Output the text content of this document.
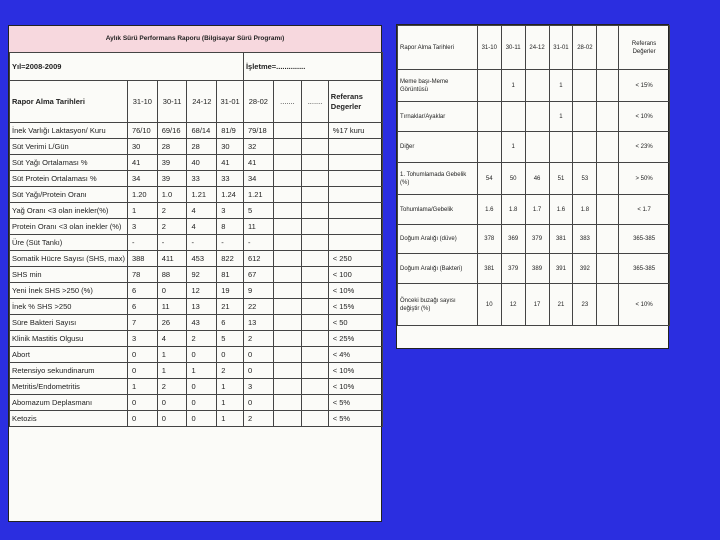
Aylık Sürü Performans Raporu (Bilgisayar Sürü Programı)
Yıl=2008-2009					İşletme=..............			
Rapor Alma Tarihleri	31-10	30-11	24-12	31-01	28-02	.......	.......	Referans Degerler
İnek Varlığı Laktasyon/ Kuru	76/10	69/16	68/14	81/9	79/18			%17 kuru
Süt Verimi L/Gün	30	28	28	30	32			
Süt Yağı Ortalaması %	41	39	40	41	41			
Süt Protein Ortalaması %	34	39	33	33	34			
Süt Yağı/Protein Oranı	1.20	1.0	1.21	1.24	1.21			
Yağ Oranı <3 olan inekler(%)	1	2	4	3	5			
Protein Oranı <3 olan inekler (%)	3	2	4	8	11			
Üre (Süt Tankı)	-	-	-	-	-			
Somatik Hücre Sayısı (SHS, max)	388	411	453	822	612			< 250
SHS min	78	88	92	81	67			< 100
Yeni İnek SHS >250 (%)	6	0	12	19	9			< 10%
İnek % SHS >250	6	11	13	21	22			< 15%
Süre Bakteri Sayısı	7	26	43	6	13			< 50
Klinik Mastitis Olgusu	3	4	2	5	2			< 25%
Abort	0	1	0	0	0			< 4%
Retensiyo sekundinarum	0	1	1	2	0			< 10%
Metritis/Endometritis	1	2	0	1	3			< 10%
Abomazum Deplasmanı	0	0	0	1	0			< 5%
Ketozis	0	0	0	1	2			< 5%
Rapor Alma Tarihleri	31-10	30-11	24-12	31-01	28-02		Referans Değerler
Meme başı-Meme Görüntüsü		1		1			< 15%
Tırnaklar/Ayaklar				1			< 10%
Diğer		1					< 23%
1. Tohumlamada Gebelik (%)	54	50	46	51	53		> 50%
Tohumlama/Gebelik	1.6	1.8	1.7	1.6	1.8		< 1.7
Doğum Aralığı (düve)	378	369	379	381	383		365-385
Doğum Aralığı (Bakteri)	381	379	389	391	392		365-385
Önceki buzağı sayısı değiştir (%)	10	12	17	21	23		< 10%
